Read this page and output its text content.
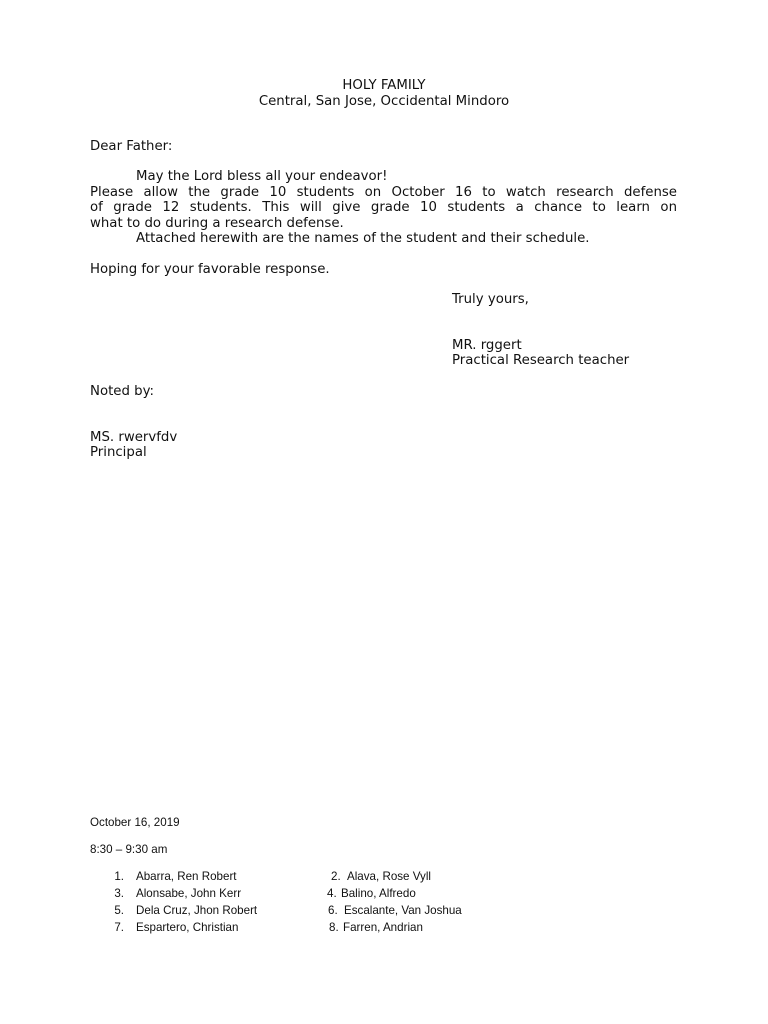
HOLY FAMILY
Central, San Jose, Occidental Mindoro
Dear Father:
May the Lord bless all your endeavor!
Please allow the grade 10 students on October 16 to watch research defense
of grade 12 students. This will give grade 10 students a chance to learn on
what to do during a research defense.
Attached herewith are the names of the student and their schedule.
Hoping for your favorable response.
Truly yours,
MR. rggert
Practical Research teacher
Noted by:
MS. rwervfdv
Principal
October 16, 2019
8:30 – 9:30 am
1. Abarra, Ren Robert	2. Alava, Rose Vyll
3. Alonsabe, John Kerr	4. Balino, Alfredo
5. Dela Cruz, Jhon Robert	6. Escalante, Van Joshua
7. Espartero, Christian	8. Farren, Andrian
